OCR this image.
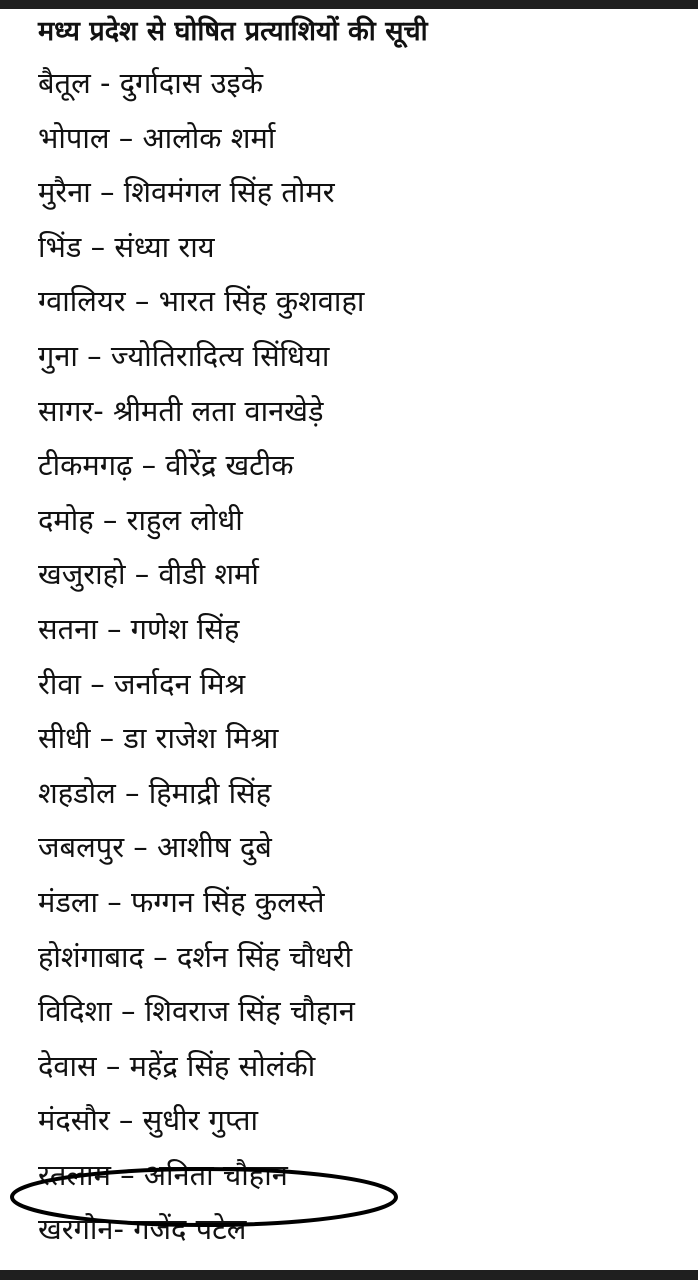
मध्य प्रदेश से घोषित प्रत्याशियों की सूची
बैतूल - दुर्गादास उइके
भोपाल – आलोक शर्मा
मुरैना – शिवमंगल सिंह तोमर
भिंड – संध्या राय
ग्वालियर – भारत सिंह कुशवाहा
गुना – ज्योतिरादित्य सिंधिया
सागर- श्रीमती लता वानखेड़े
टीकमगढ़ – वीरेंद्र खटीक
दमोह – राहुल लोधी
खजुराहो – वीडी शर्मा
सतना – गणेश सिंह
रीवा – जर्नादन मिश्र
सीधी – डा राजेश मिश्रा
शहडोल – हिमाद्री सिंह
जबलपुर – आशीष दुबे
मंडला – फग्गन सिंह कुलस्ते
होशंगाबाद – दर्शन सिंह चौधरी
विदिशा – शिवराज सिंह चौहान
देवास – महेंद्र सिंह सोलंकी
मंदसौर – सुधीर गुप्ता
रतलाम – अनिता चौहान
खरगोन- गजेंद पटेल
